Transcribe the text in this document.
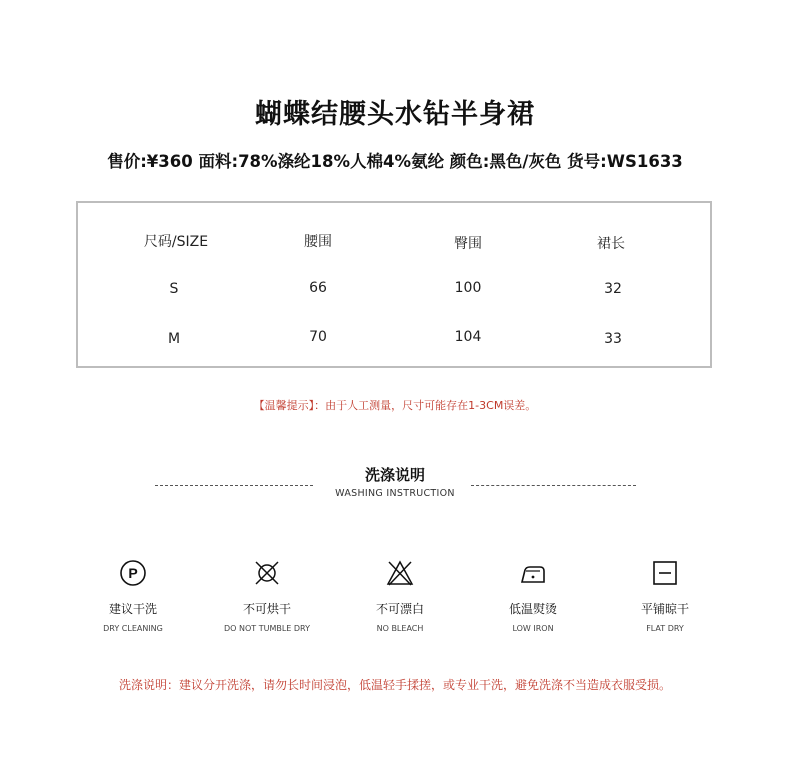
蝴蝶结腰头水钻半身裙
售价:¥360 面料:78%涤纶18%人棉4%氨纶 颜色:黑色/灰色 货号:WS1633
尺码/SIZE	腰围	臀围	裙长
S	66	100	32
M	70	104	33
【温馨提示】：由于人工测量，尺寸可能存在1-3CM误差。
洗涤说明
WASHING INSTRUCTION
P
建议干洗	不可烘干	不可漂白	低温熨烫	平铺晾干
DRY CLEANING	DO NOT TUMBLE DRY	NO BLEACH	LOW IRON	FLAT DRY
洗涤说明：建议分开洗涤，请勿长时间浸泡，低温轻手揉搓，或专业干洗，避免洗涤不当造成衣服受损。
